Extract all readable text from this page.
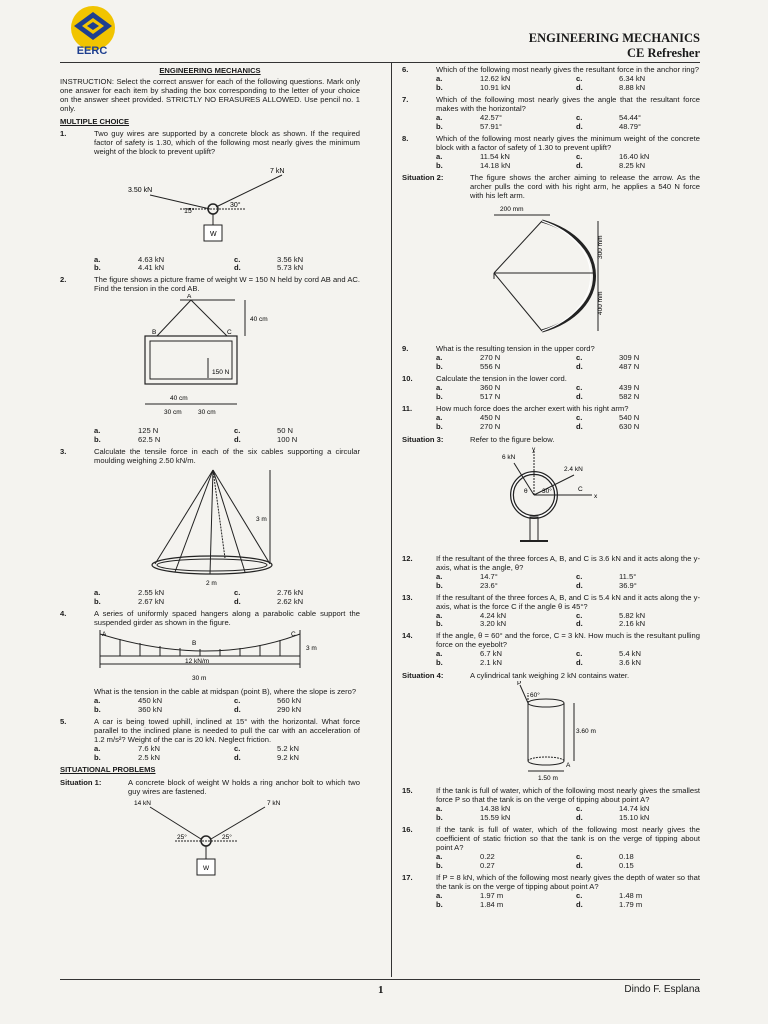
EERC
ENGINEERING MECHANICS
CE Refresher
ENGINEERING MECHANICS
INSTRUCTION: Select the correct answer for each of the following questions. Mark only one answer for each item by shading the box corresponding to the letter of your choice on the answer sheet provided. STRICTLY NO ERASURES ALLOWED. Use pencil no. 1 only.
MULTIPLE CHOICE
1.	Two guy wires are supported by a concrete block as shown. If the required factor of safety is 1.30, which of the following most nearly gives the minimum weight of the block to prevent uplift?
3.50 kN
7 kN
15°
30°
W
a.	4.63 kN	c.	3.56 kN
b.	4.41 kN	d.	5.73 kN
2.	The figure shows a picture frame of weight W = 150 N held by cord AB and AC. Find the tension in the cord AB.
A
B	C
40 cm
150 N
40 cm
30 cm	30 cm
a.	125 N	c.	50 N
b.	62.5 N	d.	100 N
3.	Calculate the tensile force in each of the six cables supporting a circular moulding weighing 2.50 kN/m.
3 m
2 m
a.	2.55 kN	c.	2.76 kN
b.	2.67 kN	d.	2.62 kN
4.	A series of uniformly spaced hangers along a parabolic cable support the suspended girder as shown in the figure.
A
B
C
12 kN/m
3 m
30 m
What is the tension in the cable at midspan (point B), where the slope is zero?
a.	450 kN	c.	560 kN
b.	360 kN	d.	290 kN
5.	A car is being towed uphill, inclined at 15° with the horizontal. What force parallel to the inclined plane is needed to pull the car with an acceleration of 1.2 m/s²? Weight of the car is 20 kN. Neglect friction.
a.	7.6 kN	c.	5.2 kN
b.	2.5 kN	d.	9.2 kN
SITUATIONAL PROBLEMS
Situation 1:	A concrete block of weight W holds a ring anchor bolt to which two guy wires are fastened.
14 kN	7 kN
25°	25°
W
6.	Which of the following most nearly gives the resultant force in the anchor ring?
a.	12.62 kN	c.	6.34 kN
b.	10.91 kN	d.	8.88 kN
7.	Which of the following most nearly gives the angle that the resultant force makes with the horizontal?
a.	42.57°	c.	54.44°
b.	57.91°	d.	48.79°
8.	Which of the following most nearly gives the minimum weight of the concrete block with a factor of safety of 1.30 to prevent uplift?
a.	11.54 kN	c.	16.40 kN
b.	14.18 kN	d.	8.25 kN
Situation 2:	The figure shows the archer aiming to release the arrow. As the archer pulls the cord with his right arm, he applies a 540 N force with his left arm.
200 mm
300 mm
400 mm
9.	What is the resulting tension in the upper cord?
a.	270 N	c.	309 N
b.	556 N	d.	487 N
10.	Calculate the tension in the lower cord.
a.	360 N	c.	439 N
b.	517 N	d.	582 N
11.	How much force does the archer exert with his right arm?
a.	450 N	c.	540 N
b.	270 N	d.	630 N
Situation 3:	Refer to the figure below.
6 kN
y
2.4 kN
θ 30°	C
x
12.	If the resultant of the three forces A, B, and C is 3.6 kN and it acts along the y-axis, what is the angle, θ?
a.	14.7°	c.	11.5°
b.	23.6°	d.	36.9°
13.	If the resultant of the three forces A, B, and C is 5.4 kN and it acts along the y-axis, what is the force C if the angle θ is 45°?
a.	4.24 kN	c.	5.82 kN
b.	3.20 kN	d.	2.16 kN
14.	If the angle, θ = 60° and the force, C = 3 kN. How much is the resultant pulling force on the eyebolt?
a.	6.7 kN	c.	5.4 kN
b.	2.1 kN	d.	3.6 kN
Situation 4:	A cylindrical tank weighing 2 kN contains water.
P
60°
3.60 m
A
1.50 m
15.	If the tank is full of water, which of the following most nearly gives the smallest force P so that the tank is on the verge of tipping about point A?
a.	14.38 kN	c.	14.74 kN
b.	15.59 kN	d.	15.10 kN
16.	If the tank is full of water, which of the following most nearly gives the coefficient of static friction so that the tank is on the verge of tipping about point A?
a.	0.22	c.	0.18
b.	0.27	d.	0.15
17.	If P = 8 kN, which of the following most nearly gives the depth of water so that the tank is on the verge of tipping about point A?
a.	1.97 m	c.	1.48 m
b.	1.84 m	d.	1.79 m
1	Dindo F. Esplana
